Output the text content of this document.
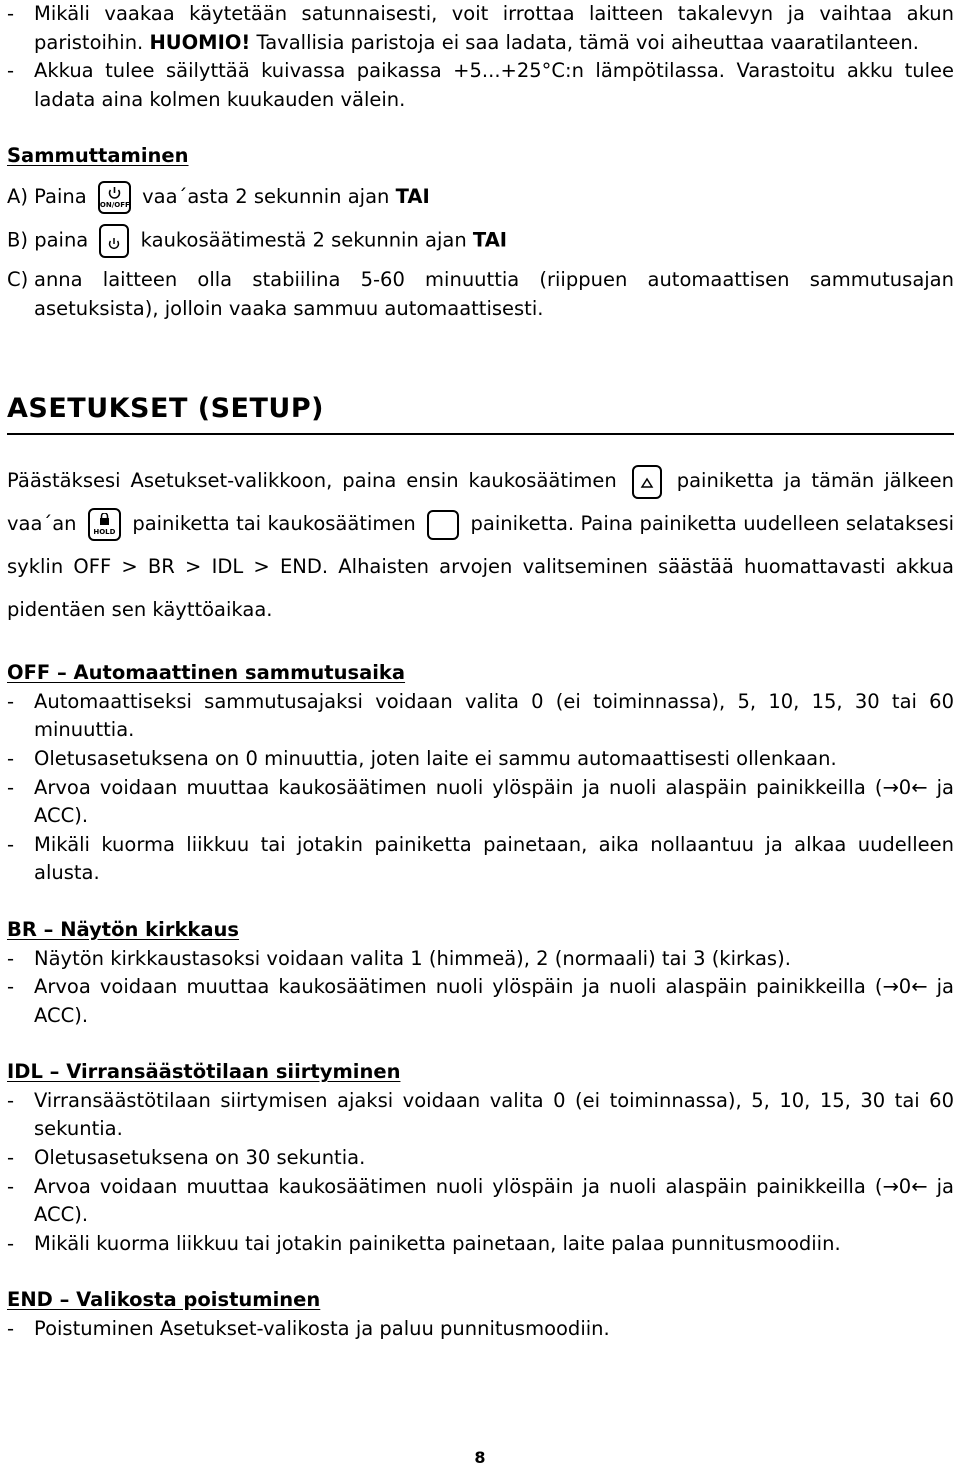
- Mikäli vaakaa käytetään satunnaisesti, voit irrottaa laitteen takalevyn ja vaihtaa akun paristoihin. HUOMIO! Tavallisia paristoja ei saa ladata, tämä voi aiheuttaa vaaratilanteen.
- Akkua tulee säilyttää kuivassa paikassa +5...+25°C:n lämpötilassa. Varastoitu akku tulee ladata aina kolmen kuukauden välein.
Sammuttaminen
A) Paina ON/OFF vaa´asta 2 sekunnin ajan TAI
B) paina	kaukosäätimestä 2 sekunnin ajan TAI
C) anna laitteen olla stabiilina 5-60 minuuttia (riippuen automaattisen sammutusajan asetuksista), jolloin vaaka sammuu automaattisesti.
ASETUKSET (SETUP)
Päästäksesi Asetukset-valikkoon, paina ensin kaukosäätimen	painiketta ja tämän jälkeen vaa´an	HOLD painiketta tai kaukosäätimen	painiketta. Paina painiketta uudelleen selataksesi syklin OFF > BR > IDL > END. Alhaisten arvojen valitseminen säästää huomattavasti akkua pidentäen sen käyttöaikaa.
OFF – Automaattinen sammutusaika
- Automaattiseksi sammutusajaksi voidaan valita 0 (ei toiminnassa), 5, 10, 15, 30 tai 60 minuuttia.
- Oletusasetuksena on 0 minuuttia, joten laite ei sammu automaattisesti ollenkaan.
- Arvoa voidaan muuttaa kaukosäätimen nuoli ylöspäin ja nuoli alaspäin painikkeilla (→0← ja ACC).
- Mikäli kuorma liikkuu tai jotakin painiketta painetaan, aika nollaantuu ja alkaa uudelleen alusta.
BR – Näytön kirkkaus
- Näytön kirkkaustasoksi voidaan valita 1 (himmeä), 2 (normaali) tai 3 (kirkas).
- Arvoa voidaan muuttaa kaukosäätimen nuoli ylöspäin ja nuoli alaspäin painikkeilla (→0← ja ACC).
IDL – Virransäästötilaan siirtyminen
- Virransäästötilaan siirtymisen ajaksi voidaan valita 0 (ei toiminnassa), 5, 10, 15, 30 tai 60 sekuntia.
- Oletusasetuksena on 30 sekuntia.
- Arvoa voidaan muuttaa kaukosäätimen nuoli ylöspäin ja nuoli alaspäin painikkeilla (→0← ja ACC).
- Mikäli kuorma liikkuu tai jotakin painiketta painetaan, laite palaa punnitusmoodiin.
END – Valikosta poistuminen
- Poistuminen Asetukset-valikosta ja paluu punnitusmoodiin.
8
